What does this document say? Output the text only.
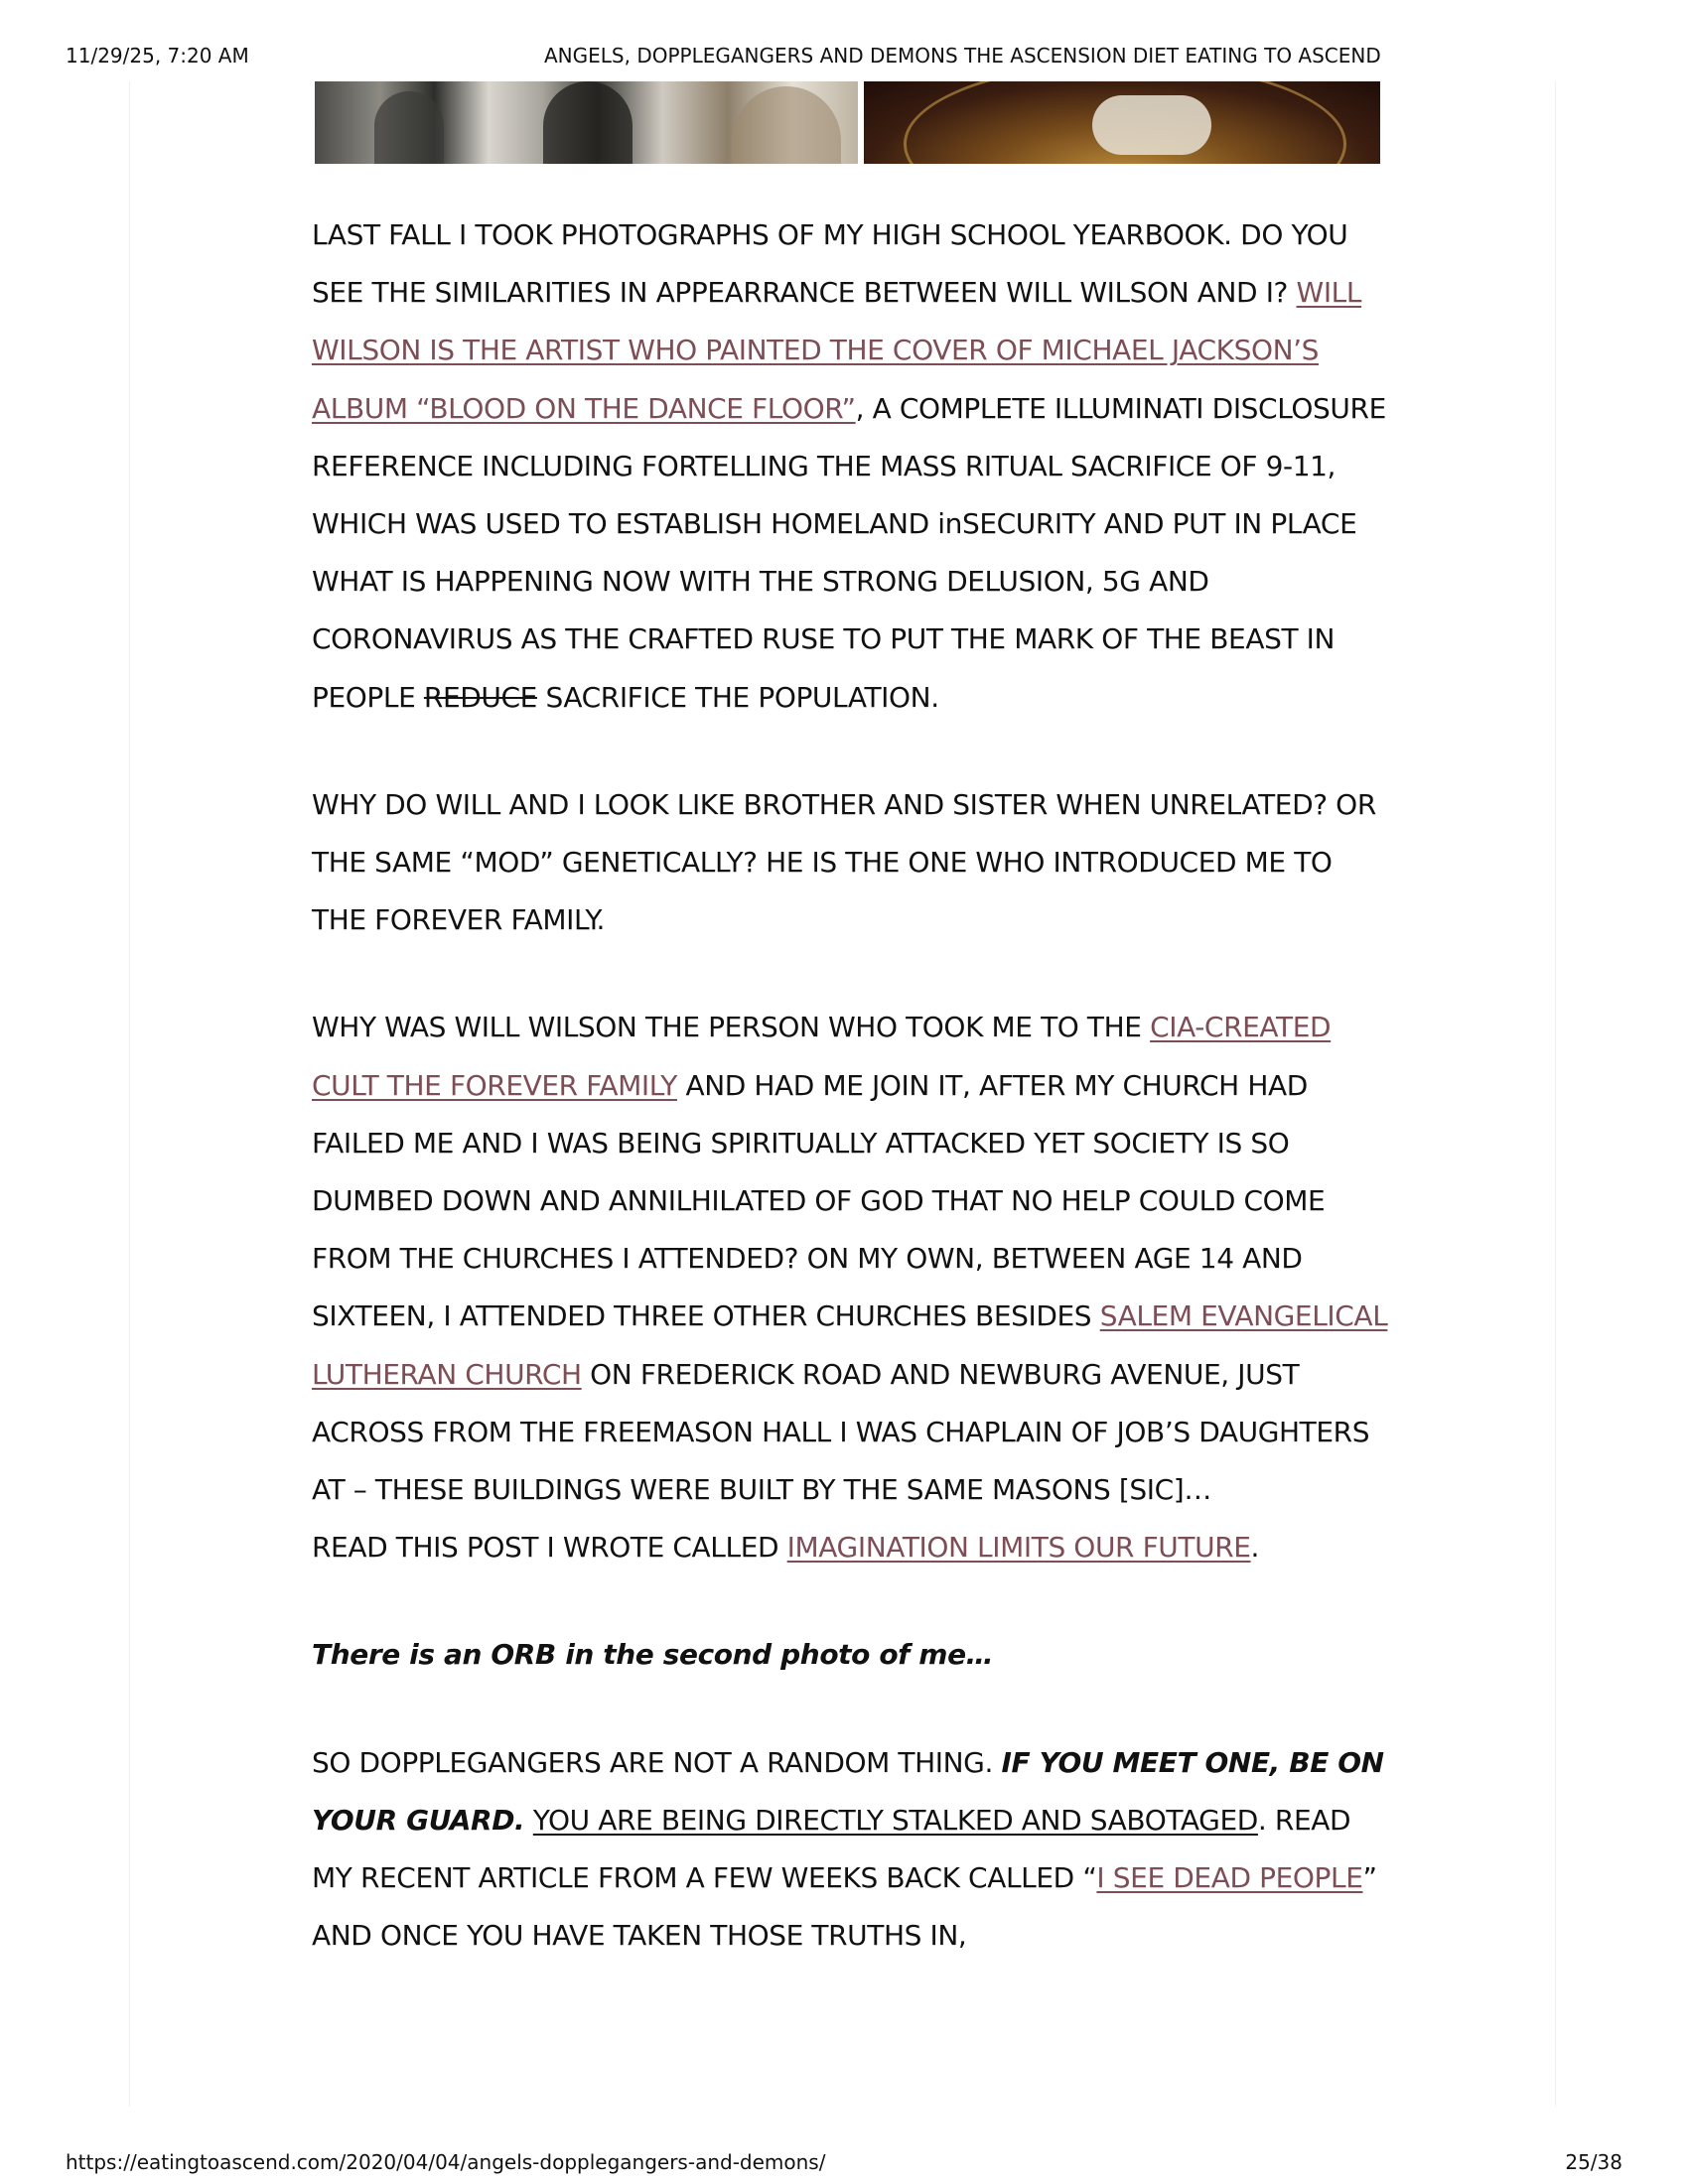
11/29/25, 7:20 AM	ANGELS, DOPPLEGANGERS AND DEMONS THE ASCENSION DIET EATING TO ASCEND

LAST FALL I TOOK PHOTOGRAPHS OF MY HIGH SCHOOL YEARBOOK. DO YOU SEE THE SIMILARITIES IN APPEARRANCE BETWEEN WILL WILSON AND I? WILL WILSON IS THE ARTIST WHO PAINTED THE COVER OF MICHAEL JACKSON’S ALBUM “BLOOD ON THE DANCE FLOOR”, A COMPLETE ILLUMINATI DISCLOSURE REFERENCE INCLUDING FORTELLING THE MASS RITUAL SACRIFICE OF 9-11, WHICH WAS USED TO ESTABLISH HOMELAND inSECURITY AND PUT IN PLACE WHAT IS HAPPENING NOW WITH THE STRONG DELUSION, 5G AND CORONAVIRUS AS THE CRAFTED RUSE TO PUT THE MARK OF THE BEAST IN PEOPLE REDUCE SACRIFICE THE POPULATION.

WHY DO WILL AND I LOOK LIKE BROTHER AND SISTER WHEN UNRELATED? OR THE SAME “MOD” GENETICALLY? HE IS THE ONE WHO INTRODUCED ME TO THE FOREVER FAMILY.

WHY WAS WILL WILSON THE PERSON WHO TOOK ME TO THE CIA-CREATED CULT THE FOREVER FAMILY AND HAD ME JOIN IT, AFTER MY CHURCH HAD FAILED ME AND I WAS BEING SPIRITUALLY ATTACKED YET SOCIETY IS SO DUMBED DOWN AND ANNILHILATED OF GOD THAT NO HELP COULD COME FROM THE CHURCHES I ATTENDED? ON MY OWN, BETWEEN AGE 14 AND SIXTEEN, I ATTENDED THREE OTHER CHURCHES BESIDES SALEM EVANGELICAL LUTHERAN CHURCH ON FREDERICK ROAD AND NEWBURG AVENUE, JUST ACROSS FROM THE FREEMASON HALL I WAS CHAPLAIN OF JOB’S DAUGHTERS AT – THESE BUILDINGS WERE BUILT BY THE SAME MASONS [SIC]…
READ THIS POST I WROTE CALLED IMAGINATION LIMITS OUR FUTURE.

There is an ORB in the second photo of me…

SO DOPPLEGANGERS ARE NOT A RANDOM THING. IF YOU MEET ONE, BE ON YOUR GUARD. YOU ARE BEING DIRECTLY STALKED AND SABOTAGED. READ MY RECENT ARTICLE FROM A FEW WEEKS BACK CALLED “I SEE DEAD PEOPLE” AND ONCE YOU HAVE TAKEN THOSE TRUTHS IN,

https://eatingtoascend.com/2020/04/04/angels-dopplegangers-and-demons/	25/38
